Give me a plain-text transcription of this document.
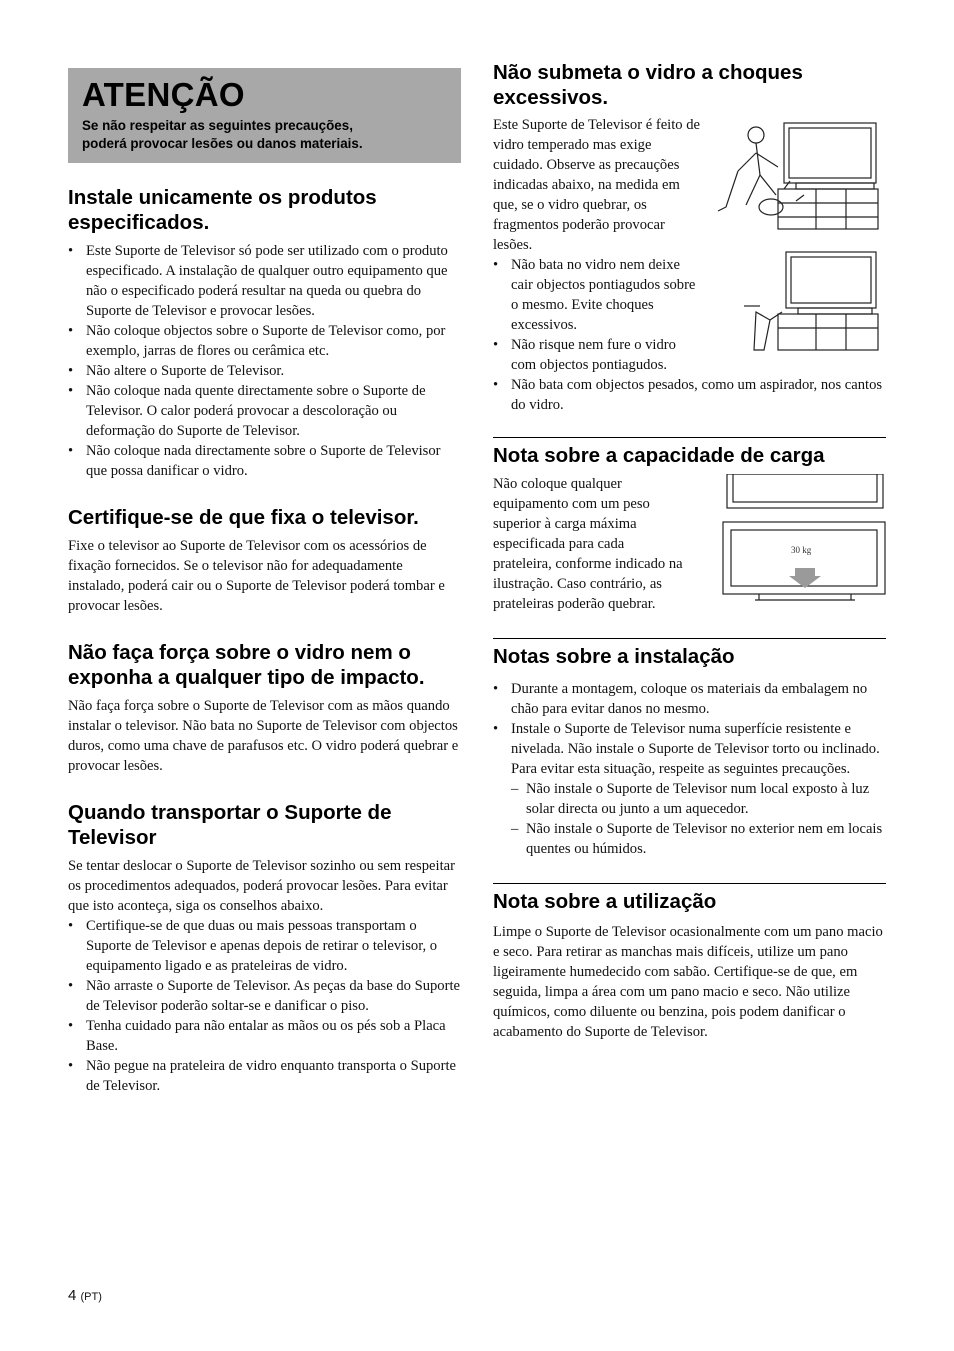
ATENÇÃO

Se não respeitar as seguintes precauções,
poderá provocar lesões ou danos materiais.

Instale unicamente os produtos especificados.
• Este Suporte de Televisor só pode ser utilizado com o produto especificado. A instalação de qualquer outro equipamento que não o especificado poderá resultar na queda ou quebra do Suporte de Televisor e provocar lesões.
• Não coloque objectos sobre o Suporte de Televisor como, por exemplo, jarras de flores ou cerâmica etc.
• Não altere o Suporte de Televisor.
• Não coloque nada quente directamente sobre o Suporte de Televisor. O calor poderá provocar a descoloração ou deformação do Suporte de Televisor.
• Não coloque nada directamente sobre o Suporte de Televisor que possa danificar o vidro.
Certifique-se de que fixa o televisor.

Fixe o televisor ao Suporte de Televisor com os acessórios de fixação fornecidos. Se o televisor não for adequadamente instalado, poderá cair ou o Suporte de Televisor poderá tombar e provocar lesões.

Não faça força sobre o vidro nem o exponha a qualquer tipo de impacto.

Não faça força sobre o Suporte de Televisor com as mãos quando instalar o televisor. Não bata no Suporte de Televisor com objectos duros, como uma chave de parafusos etc. O vidro poderá quebrar e provocar lesões.

Quando transportar o Suporte de Televisor

Se tentar deslocar o Suporte de Televisor sozinho ou sem respeitar os procedimentos adequados, poderá provocar lesões. Para evitar que isto aconteça, siga os conselhos abaixo.

• Certifique-se de que duas ou mais pessoas transportam o Suporte de Televisor e apenas depois de retirar o televisor, o equipamento ligado e as prateleiras de vidro.
• Não arraste o Suporte de Televisor. As peças da base do Suporte de Televisor poderão soltar-se e danificar o piso.
• Tenha cuidado para não entalar as mãos ou os pés sob a Placa Base.
• Não pegue na prateleira de vidro enquanto transporta o Suporte de Televisor.
Não submeta o vidro a choques excessivos.

Este Suporte de Televisor é feito de vidro temperado mas exige cuidado. Observe as precauções indicadas abaixo, na medida em que, se o vidro quebrar, os fragmentos poderão provocar lesões.

• Não bata no vidro nem deixe cair objectos pontiagudos sobre o mesmo. Evite choques excessivos.
• Não risque nem fure o vidro com objectos pontiagudos.

• Não bata com objectos pesados, como um aspirador, nos cantos do vidro.
Nota sobre a capacidade de carga

Não coloque qualquer equipamento com um peso superior à carga máxima especificada para cada prateleira, conforme indicado na ilustração. Caso contrário, as prateleiras poderão quebrar.

30 kg
Notas sobre a instalação
• Durante a montagem, coloque os materiais da embalagem no chão para evitar danos no mesmo.
• Instale o Suporte de Televisor numa superfície resistente e nivelada. Não instale o Suporte de Televisor torto ou inclinado. Para evitar esta situação, respeite as seguintes precauções.
– Não instale o Suporte de Televisor num local exposto à luz solar directa ou junto a um aquecedor.
– Não instale o Suporte de Televisor no exterior nem em locais quentes ou húmidos.
Nota sobre a utilização

Limpe o Suporte de Televisor ocasionalmente com um pano macio e seco. Para retirar as manchas mais difíceis, utilize um pano ligeiramente humedecido com sabão. Certifique-se de que, em seguida, limpa a área com um pano macio e seco. Não utilize químicos, como diluente ou benzina, pois podem danificar o acabamento do Suporte de Televisor.

4 (PT)
